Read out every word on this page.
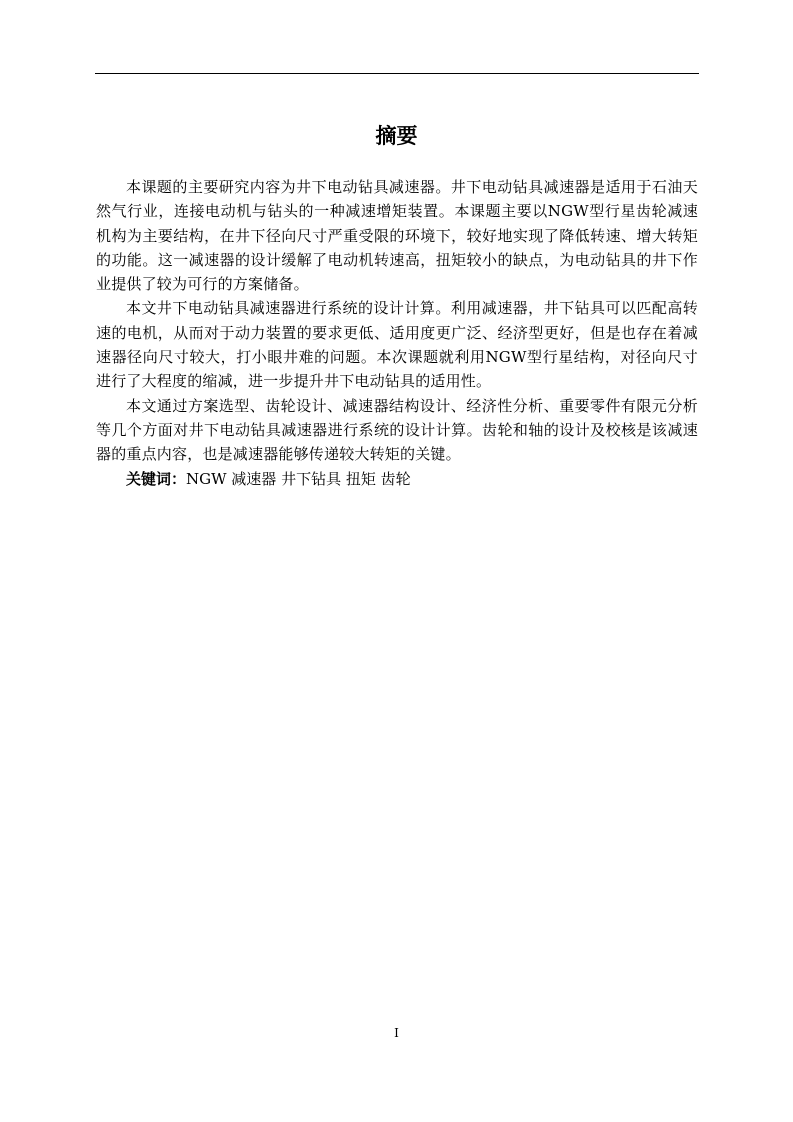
摘要

本课题的主要研究内容为井下电动钻具减速器。井下电动钻具减速器是适用于石油天然气行业，连接电动机与钻头的一种减速增矩装置。本课题主要以NGW型行星齿轮减速机构为主要结构，在井下径向尺寸严重受限的环境下，较好地实现了降低转速、增大转矩的功能。这一减速器的设计缓解了电动机转速高，扭矩较小的缺点，为电动钻具的井下作业提供了较为可行的方案储备。

本文井下电动钻具减速器进行系统的设计计算。利用减速器，井下钻具可以匹配高转速的电机，从而对于动力装置的要求更低、适用度更广泛、经济型更好，但是也存在着减速器径向尺寸较大，打小眼井难的问题。本次课题就利用NGW型行星结构，对径向尺寸进行了大程度的缩减，进一步提升井下电动钻具的适用性。

本文通过方案选型、齿轮设计、减速器结构设计、经济性分析、重要零件有限元分析等几个方面对井下电动钻具减速器进行系统的设计计算。齿轮和轴的设计及校核是该减速器的重点内容，也是减速器能够传递较大转矩的关键。

关键词：NGW 减速器 井下钻具 扭矩 齿轮

I
